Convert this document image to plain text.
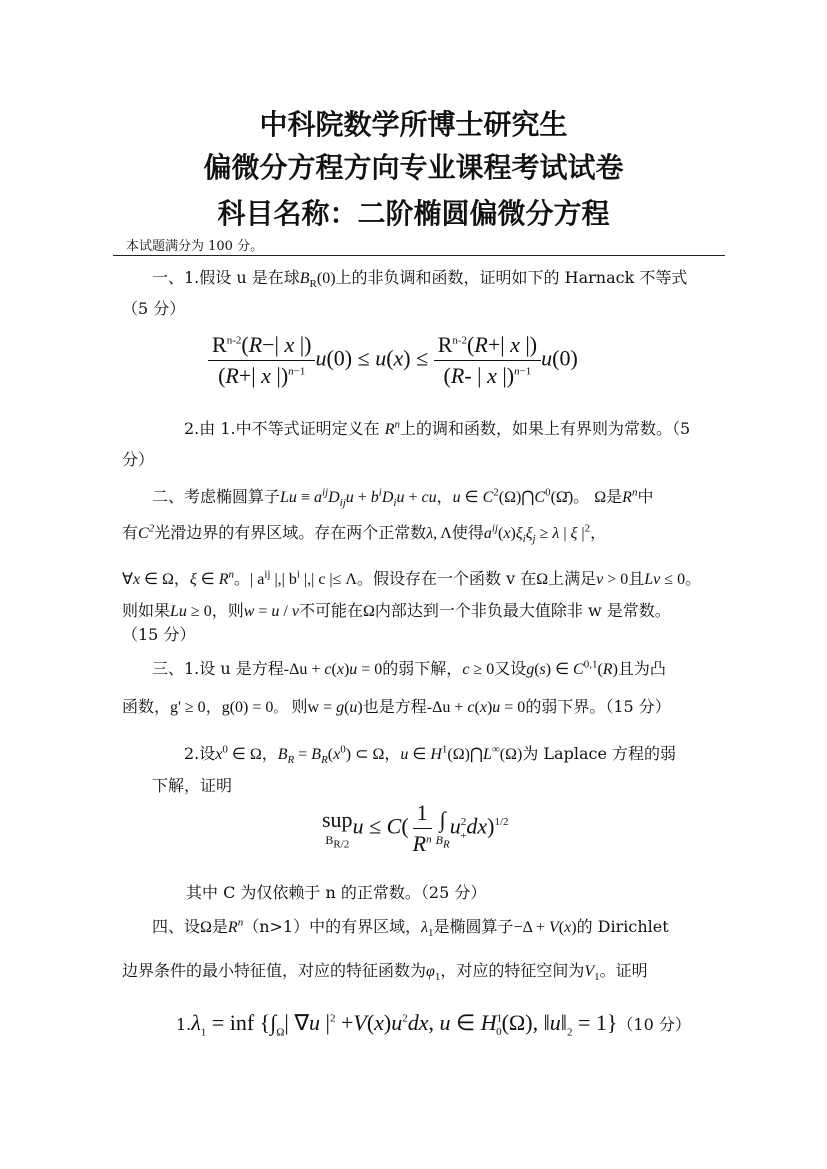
中科院数学所博士研究生
偏微分方程方向专业课程考试试卷
科目名称：二阶椭圆偏微分方程
本试题满分为 100 分。
一、1.假设 u 是在球$B_R(0)$上的非负调和函数，证明如下的 Harnack 不等式
（5 分）
$\frac{R^{n-2}(R-| x |)}{(R+| x |)^{n-1}} u(0) \le u(x) \le \frac{R^{n-2}(R+| x |)}{(R- | x |)^{n-1}} u(0)$
2.由 1.中不等式证明定义在 $R^n$上的调和函数，如果上有界则为常数。（5
分）
二、考虑椭圆算子$Lu \equiv a^{ij}D_{ij}u + b^iD_iu$ + cu，u ∈ $C^2(\Omega)⋂C^0(\Omegā)$。 Ω是$R^n$中
有$C^2$光滑边界的有界区域。存在两个正常数λ, Λ使得$a^{ij}(x)\xi_i\xi_j \ge \lambda$ | ξ $|^2$，
∀x ∈ Ω，ξ ∈ $R^n$。| $a^{ij}$ |,| $b^i$ |,| c |≤ Λ。假设存在一个函数 v 在Ω上满足v > 0且Lv ≤ 0。
则如果Lu ≥ 0，则w = u / v不可能在Ω内部达到一个非负最大值除非 w 是常数。
（15 分）
三、1.设 u 是方程-Δu + c(x)u = 0的弱下解，c ≥ 0又设g(s) ∈ C$^{0,1}$(R)且为凸
函数，g' ≥ 0，g(0) = 0。 则w = g(u)也是方程-Δu + c(x)u = 0的弱下界。（15 分）
2.设$x^0$ ∈ Ω，$B_R = B_R(x^0)$ ⊂ Ω，u ∈ $H^1(\Omega)⋂L^\infty(\Omega)$为 Laplace 方程的弱
下解，证明
sup
$B_{R/2}$
$u \le C( \frac{1}{R^n}$ ∫
$B_R$
$u^2_+dx)^{1/2}$
其中 C 为仅依赖于 n 的正常数。（25 分）
四、设Ω是$R^n(n>1)$中的有界区域，$\lambda_1$是椭圆算子−Δ + V(x)的 Dirichlet
边界条件的最小特征值，对应的特征函数为$\varphi_1$，对应的特征空间为$V_1$。证明
$1.\lambda_1$ = inf {$\int_\Omega|$ ∇u $|^2 +V(x)u^2dx$, u ∈ $H^1_0(\Omega)$, $‖u‖_2 = 1\}(10$ 分）
